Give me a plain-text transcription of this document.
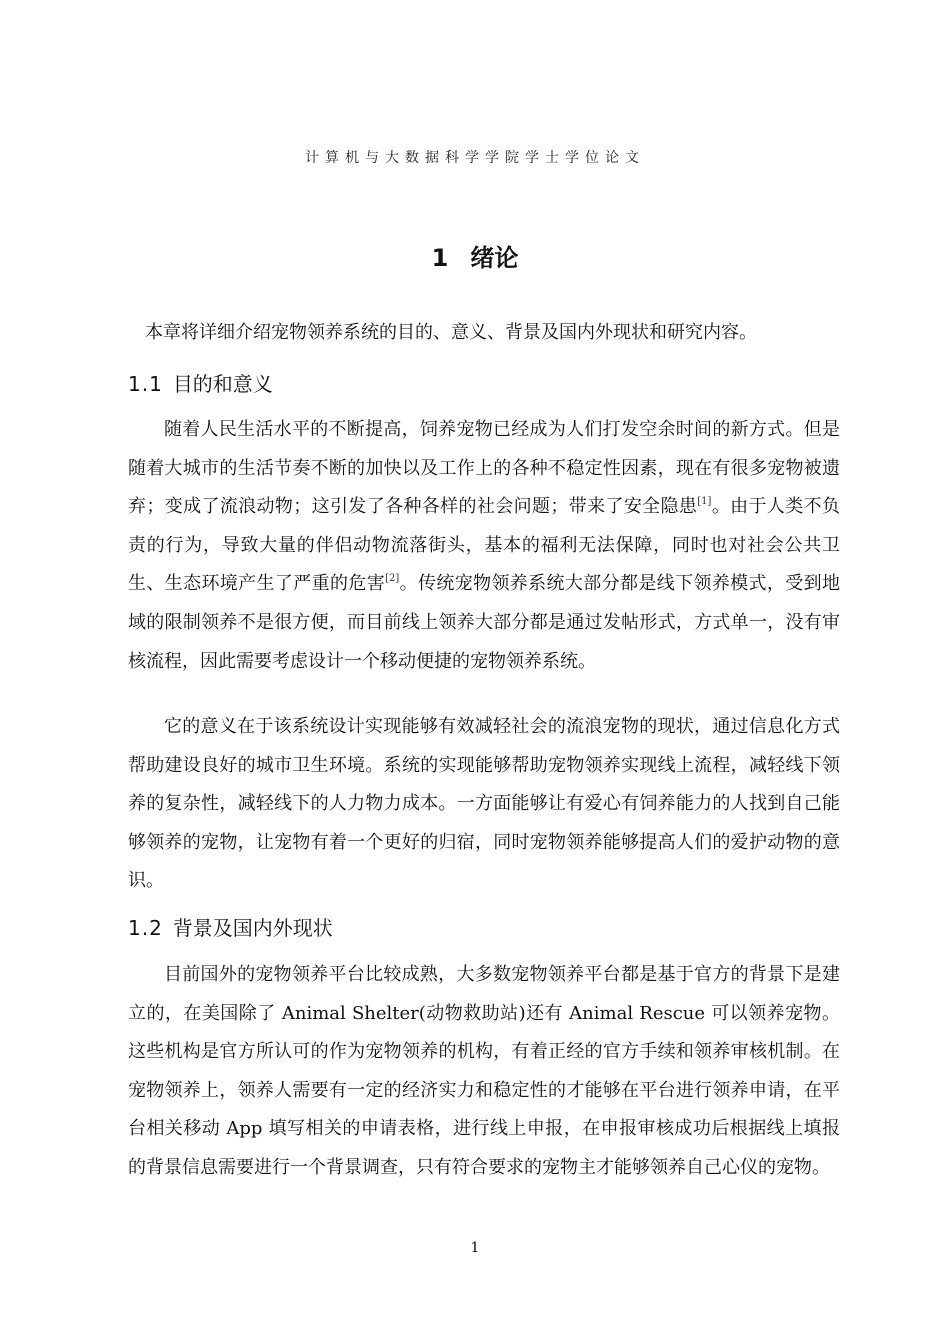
计算机与大数据科学学院学士学位论文
1 绪论
本章将详细介绍宠物领养系统的目的、意义、背景及国内外现状和研究内容。
1.1 目的和意义

随着人民生活水平的不断提高，饲养宠物已经成为人们打发空余时间的新方式。但是随着大城市的生活节奏不断的加快以及工作上的各种不稳定性因素，现在有很多宠物被遗弃；变成了流浪动物；这引发了各种各样的社会问题；带来了安全隐患[1]。由于人类不负责的行为，导致大量的伴侣动物流落街头，基本的福利无法保障，同时也对社会公共卫生、生态环境产生了严重的危害[2]。传统宠物领养系统大部分都是线下领养模式，受到地域的限制领养不是很方便，而目前线上领养大部分都是通过发帖形式，方式单一，没有审核流程，因此需要考虑设计一个移动便捷的宠物领养系统。

它的意义在于该系统设计实现能够有效减轻社会的流浪宠物的现状，通过信息化方式帮助建设良好的城市卫生环境。系统的实现能够帮助宠物领养实现线上流程，减轻线下领养的复杂性，减轻线下的人力物力成本。一方面能够让有爱心有饲养能力的人找到自己能够领养的宠物，让宠物有着一个更好的归宿，同时宠物领养能够提高人们的爱护动物的意识。

1.2 背景及国内外现状

目前国外的宠物领养平台比较成熟，大多数宠物领养平台都是基于官方的背景下是建立的，在美国除了 Animal Shelter(动物救助站)还有 Animal Rescue 可以领养宠物。这些机构是官方所认可的作为宠物领养的机构，有着正经的官方手续和领养审核机制。在宠物领养上，领养人需要有一定的经济实力和稳定性的才能够在平台进行领养申请，在平台相关移动 App 填写相关的申请表格，进行线上申报，在申报审核成功后根据线上填报的背景信息需要进行一个背景调查，只有符合要求的宠物主才能够领养自己心仪的宠物。

1
